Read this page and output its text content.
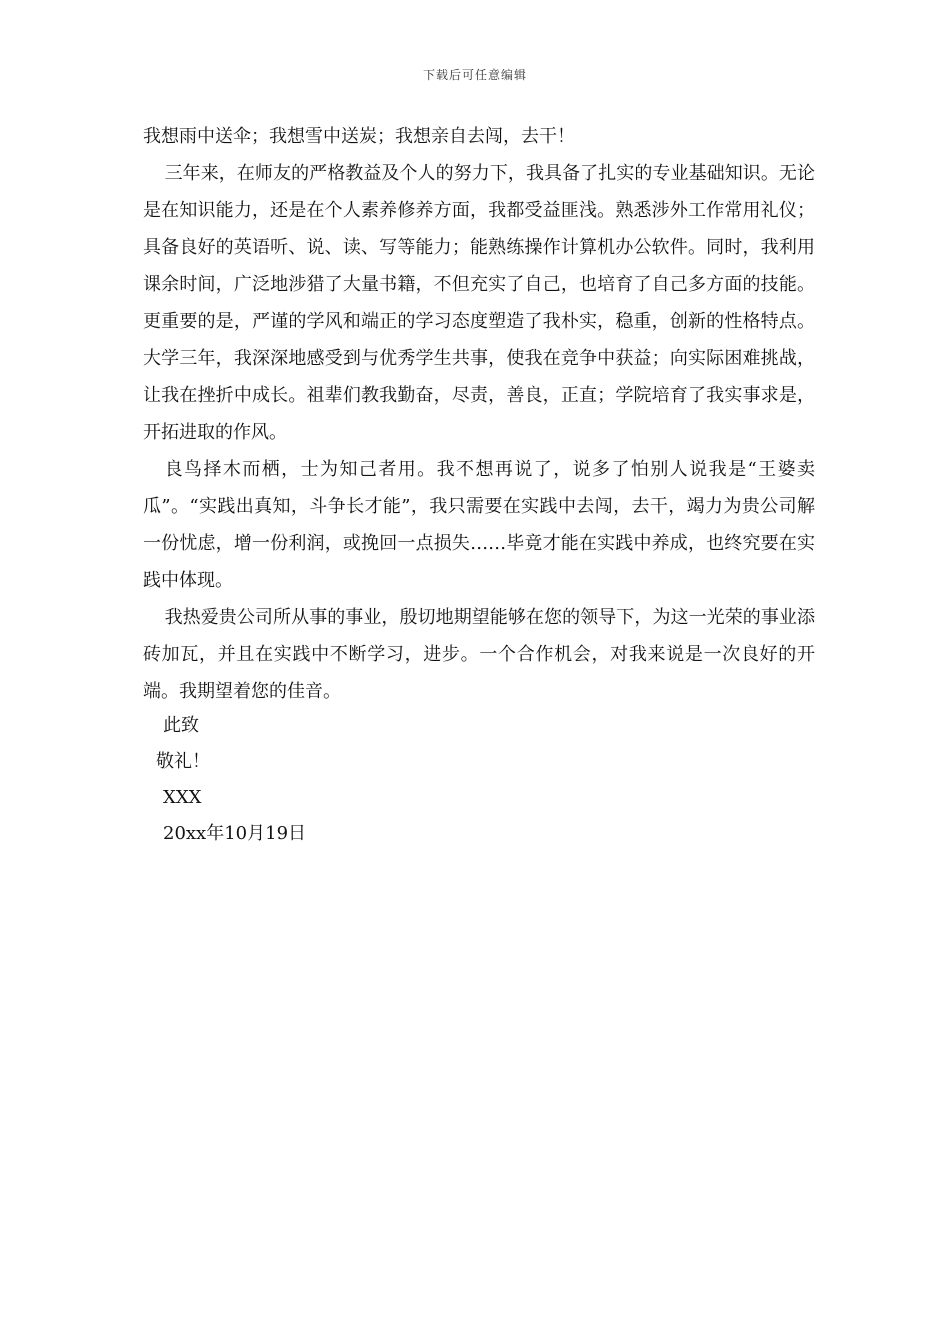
下载后可任意编辑

我想雨中送伞；我想雪中送炭；我想亲自去闯，去干！

三年来，在师友的严格教益及个人的努力下，我具备了扎实的专业基础知识。无论是在知识能力，还是在个人素养修养方面，我都受益匪浅。熟悉涉外工作常用礼仪；具备良好的英语听、说、读、写等能力；能熟练操作计算机办公软件。同时，我利用课余时间，广泛地涉猎了大量书籍，不但充实了自己，也培育了自己多方面的技能。更重要的是，严谨的学风和端正的学习态度塑造了我朴实，稳重，创新的性格特点。大学三年，我深深地感受到与优秀学生共事，使我在竞争中获益；向实际困难挑战，让我在挫折中成长。祖辈们教我勤奋，尽责，善良，正直；学院培育了我实事求是，开拓进取的作风。

良鸟择木而栖，士为知己者用。我不想再说了，说多了怕别人说我是“王婆卖瓜”。“实践出真知，斗争长才能”，我只需要在实践中去闯，去干，竭力为贵公司解一份忧虑，增一份利润，或挽回一点损失……毕竟才能在实践中养成，也终究要在实践中体现。

我热爱贵公司所从事的事业，殷切地期望能够在您的领导下，为这一光荣的事业添砖加瓦，并且在实践中不断学习，进步。一个合作机会，对我来说是一次良好的开端。我期望着您的佳音。

此致
敬礼！
XXX
20xx年10月19日
